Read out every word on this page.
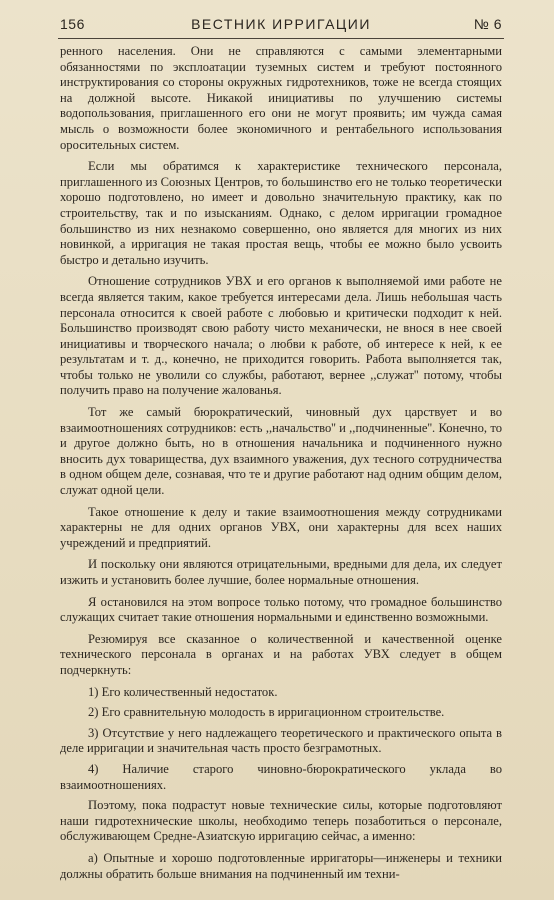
156	ВЕСТНИК ИРРИГАЦИИ	№ 6

ренного населения. Они не справляются с самыми элементарными обязанностями по эксплоатации туземных систем и требуют постоянного инструктирования со стороны окружных гидротехников, тоже не всегда стоящих на должной высоте. Никакой инициативы по улучшению системы водопользования, приглашенного его они не могут проявить; им чужда самая мысль о возможности более экономичного и рентабельного использования оросительных систем.

Если мы обратимся к характеристике технического персонала, приглашенного из Союзных Центров, то большинство его не только теоретически хорошо подготовлено, но имеет и довольно значительную практику, как по строительству, так и по изысканиям. Однако, с делом ирригации громадное большинство из них незнакомо совершенно, оно является для многих из них новинкой, а ирригация не такая простая вещь, чтобы ее можно было усвоить быстро и детально изучить.

Отношение сотрудников УВХ и его органов к выполняемой ими работе не всегда является таким, какое требуется интересами дела. Лишь небольшая часть персонала относится к своей работе с любовью и критически подходит к ней. Большинство производят свою работу чисто механически, не внося в нее своей инициативы и творческого начала; о любви к работе, об интересе к ней, к ее результатам и т. д., конечно, не приходится говорить. Работа выполняется так, чтобы только не уволили со службы, работают, вернее ,,служат'' потому, чтобы получить право на получение жалованья.

Тот же самый бюрократический, чиновный дух царствует и во взаимоотношениях сотрудников: есть ,,начальство'' и ,,подчиненные''. Конечно, то и другое должно быть, но в отношения начальника и подчиненного нужно вносить дух товарищества, дух взаимного уважения, дух тесного сотрудничества в одном общем деле, сознавая, что те и другие работают над одним общим делом, служат одной цели.

Такое отношение к делу и такие взаимоотношения между сотрудниками характерны не для одних органов УВХ, они характерны для всех наших учреждений и предприятий.

И поскольку они являются отрицательными, вредными для дела, их следует изжить и установить более лучшие, более нормальные отношения.

Я остановился на этом вопросе только потому, что громадное большинство служащих считает такие отношения нормальными и единственно возможными.

Резюмируя все сказанное о количественной и качественной оценке технического персонала в органах и на работах УВХ следует в общем подчеркнуть:

1) Его количественный недостаток.

2) Его сравнительную молодость в ирригационном строительстве.

3) Отсутствие у него надлежащего теоретического и практического опыта в деле ирригации и значительная часть просто безграмотных.

4) Наличие старого чиновно-бюрократического уклада во взаимоотношениях.

Поэтому, пока подрастут новые технические силы, которые подготовляют наши гидротехнические школы, необходимо теперь позаботиться о персонале, обслуживающем Средне-Азиатскую ирригацию сейчас, а именно:

а) Опытные и хорошо подготовленные ирригаторы—инженеры и техники должны обратить больше внимания на подчиненный им техни-
